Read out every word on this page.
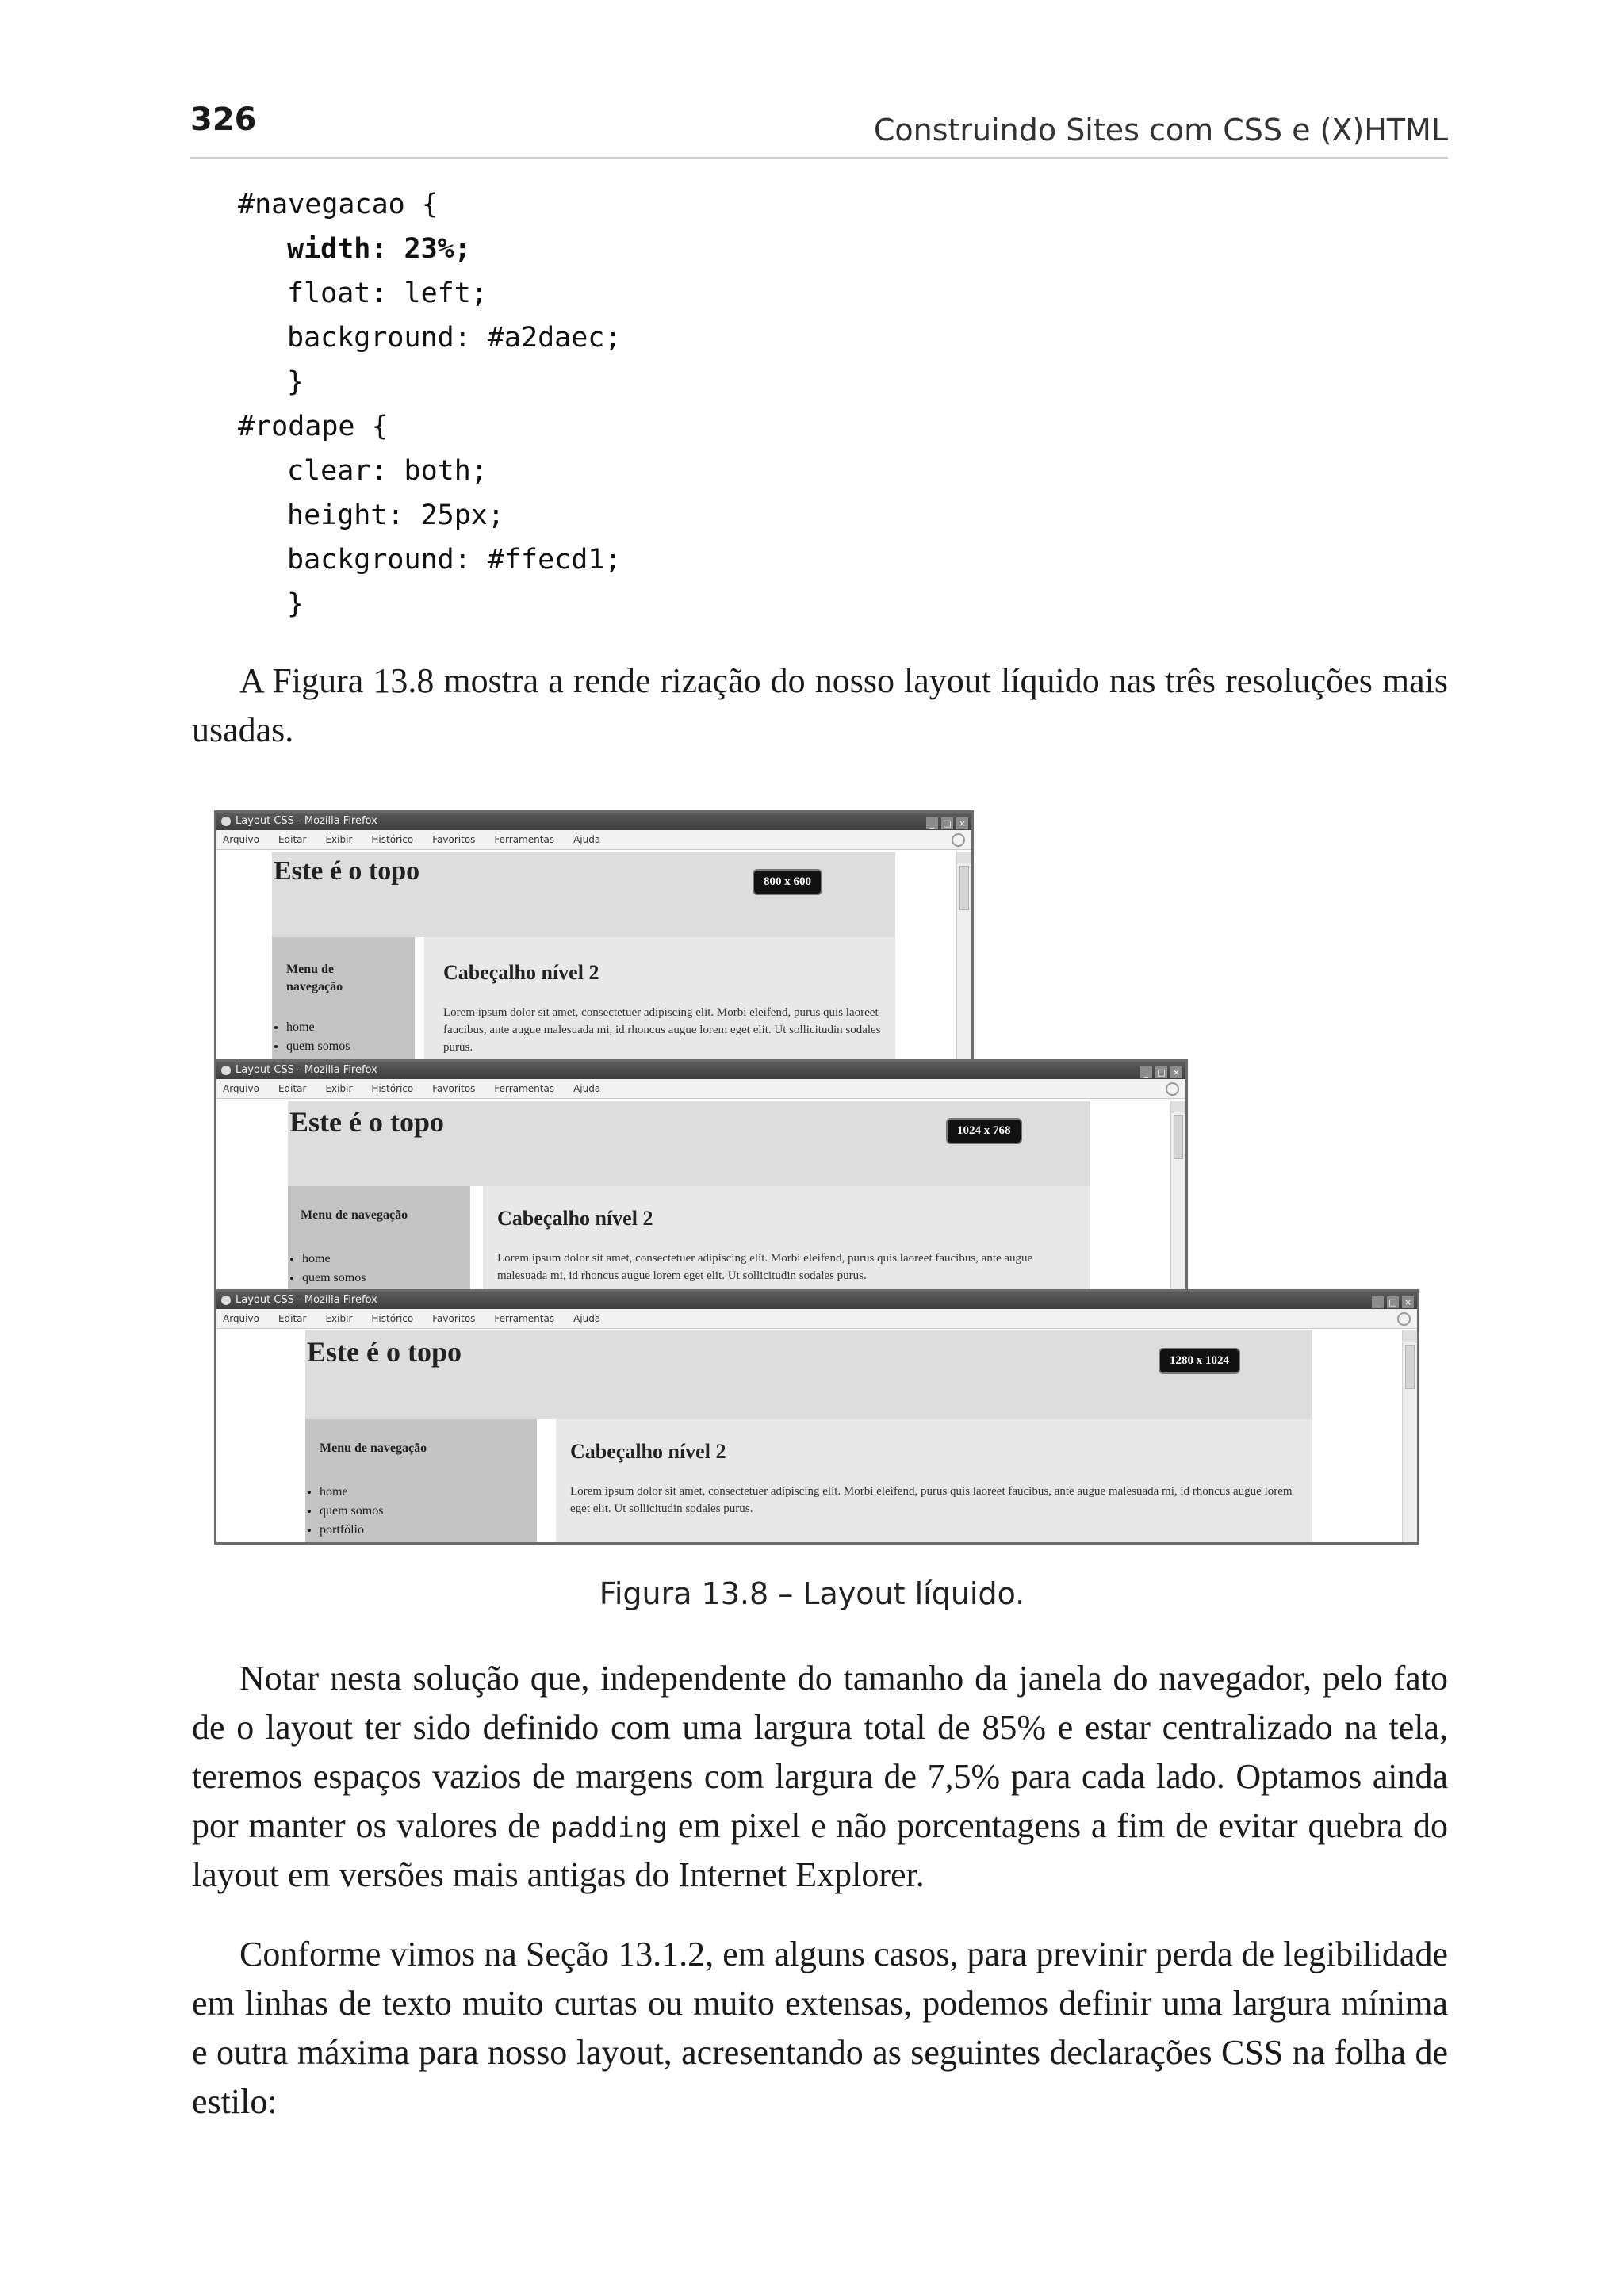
326	Construindo Sites com CSS e (X)HTML
#navegacao {
width: 23%;
float: left;
background: #a2daec;
}
#rodape {
clear: both;
height: 25px;
background: #ffecd1;
}

A Figura 13.8 mostra a rende rização do nosso layout líquido nas três resoluções mais usadas.

Layout CSS - Mozilla Firefox	_ □ ×
Arquivo Editar Exibir Histórico Favoritos Ferramentas Ajuda
Este é o topo	800 x 600
Menu de
navegação
• home
• quem somos
Cabeçalho nível 2
Lorem ipsum dolor sit amet, consectetuer adipiscing elit. Morbi eleifend, purus quis laoreet faucibus, ante augue malesuada mi, id rhoncus augue lorem eget elit. Ut sollicitudin sodales purus.
Layout CSS - Mozilla Firefox	_ □ ×
Arquivo Editar Exibir Histórico Favoritos Ferramentas Ajuda
Este é o topo	1024 x 768
Menu de navegação
• home
• quem somos
Cabeçalho nível 2
Lorem ipsum dolor sit amet, consectetuer adipiscing elit. Morbi eleifend, purus quis laoreet faucibus, ante augue malesuada mi, id rhoncus augue lorem eget elit. Ut sollicitudin sodales purus.
Layout CSS - Mozilla Firefox	_ □ ×
Arquivo Editar Exibir Histórico Favoritos Ferramentas Ajuda
Este é o topo	1280 x 1024
Menu de navegação
• home
• quem somos
• portfólio
Cabeçalho nível 2
Lorem ipsum dolor sit amet, consectetuer adipiscing elit. Morbi eleifend, purus quis laoreet faucibus, ante augue malesuada mi, id rhoncus augue lorem eget elit. Ut sollicitudin sodales purus.
Figura 13.8 – Layout líquido.

Notar nesta solução que, independente do tamanho da janela do navegador, pelo fato de o layout ter sido definido com uma largura total de 85% e estar centralizado na tela, teremos espaços vazios de margens com largura de 7,5% para cada lado. Optamos ainda por manter os valores de padding em pixel e não porcentagens a fim de evitar quebra do layout em versões mais antigas do Internet Explorer.

Conforme vimos na Seção 13.1.2, em alguns casos, para previnir perda de legibilidade em linhas de texto muito curtas ou muito extensas, podemos definir uma largura mínima e outra máxima para nosso layout, acresentando as seguintes declarações CSS na folha de estilo:
